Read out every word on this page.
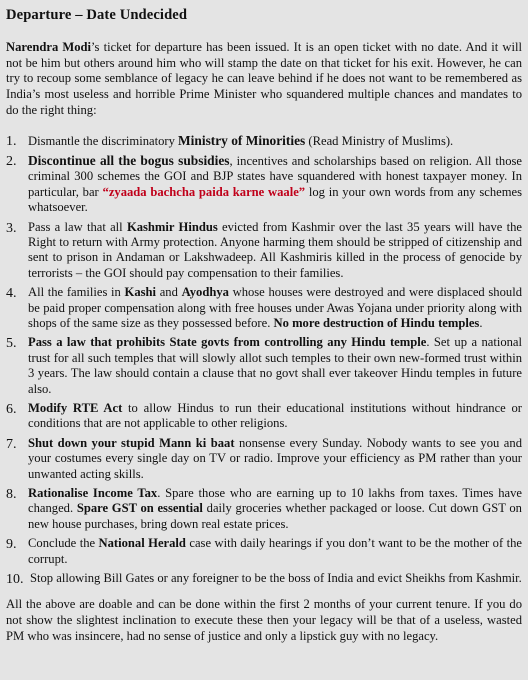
Departure – Date Undecided

Narendra Modi’s ticket for departure has been issued. It is an open ticket with no date. And it will not be him but others around him who will stamp the date on that ticket for his exit. However, he can try to recoup some semblance of legacy he can leave behind if he does not want to be remembered as India’s most useless and horrible Prime Minister who squandered multiple chances and mandates to do the right thing:

1. Dismantle the discriminatory Ministry of Minorities (Read Ministry of Muslims).
2. Discontinue all the bogus subsidies, incentives and scholarships based on religion. All those criminal 300 schemes the GOI and BJP states have squandered with honest taxpayer money. In particular, bar “zyaada bachcha paida karne waale” log in your own words from any schemes whatsoever.
3. Pass a law that all Kashmir Hindus evicted from Kashmir over the last 35 years will have the Right to return with Army protection. Anyone harming them should be stripped of citizenship and sent to prison in Andaman or Lakshwadeep. All Kashmiris killed in the process of genocide by terrorists – the GOI should pay compensation to their families.
4. All the families in Kashi and Ayodhya whose houses were destroyed and were displaced should be paid proper compensation along with free houses under Awas Yojana under priority along with shops of the same size as they possessed before. No more destruction of Hindu temples.
5. Pass a law that prohibits State govts from controlling any Hindu temple. Set up a national trust for all such temples that will slowly allot such temples to their own new-formed trust within 3 years. The law should contain a clause that no govt shall ever takeover Hindu temples in future also.
6. Modify RTE Act to allow Hindus to run their educational institutions without hindrance or conditions that are not applicable to other religions.
7. Shut down your stupid Mann ki baat nonsense every Sunday. Nobody wants to see you and your costumes every single day on TV or radio. Improve your efficiency as PM rather than your unwanted acting skills.
8. Rationalise Income Tax. Spare those who are earning up to 10 lakhs from taxes. Times have changed. Spare GST on essential daily groceries whether packaged or loose. Cut down GST on new house purchases, bring down real estate prices.
9. Conclude the National Herald case with daily hearings if you don’t want to be the mother of the corrupt.
10. Stop allowing Bill Gates or any foreigner to be the boss of India and evict Sheikhs from Kashmir.

All the above are doable and can be done within the first 2 months of your current tenure. If you do not show the slightest inclination to execute these then your legacy will be that of a useless, wasted PM who was insincere, had no sense of justice and only a lipstick guy with no legacy.
